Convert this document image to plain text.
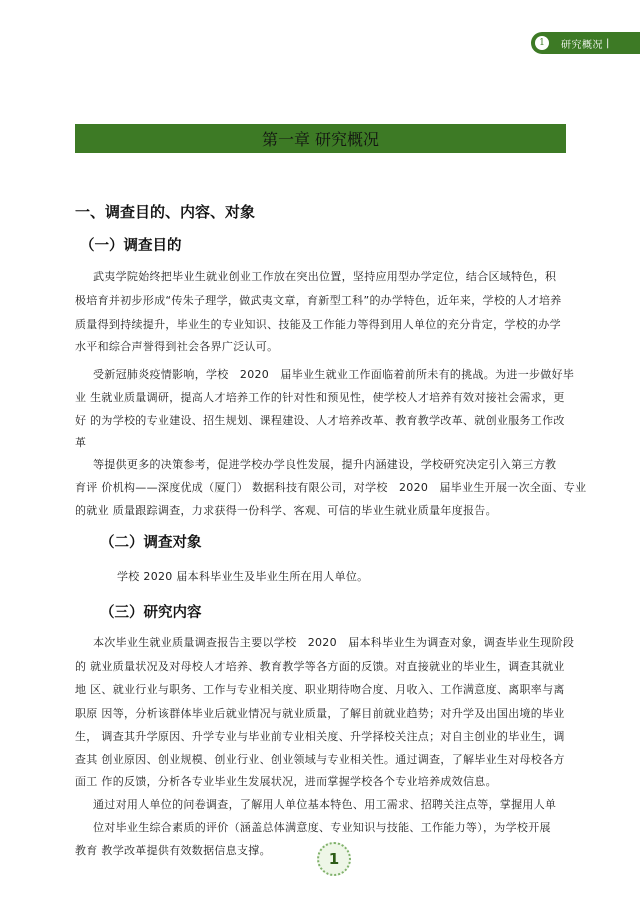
1	研究概况 |
第一章 研究概况
一、调查目的、内容、对象
（一）调查目的
武夷学院始终把毕业生就业创业工作放在突出位置，坚持应用型办学定位，结合区域特色，积
极培育并初步形成“传朱子理学，做武夷文章，育新型工科”的办学特色，近年来，学校的人才培养
质量得到持续提升，毕业生的专业知识、技能及工作能力等得到用人单位的充分肯定，学校的办学
水平和综合声誉得到社会各界广泛认可。
受新冠肺炎疫情影响，学校　2020　届毕业生就业工作面临着前所未有的挑战。为进一步做好毕
业 生就业质量调研，提高人才培养工作的针对性和预见性，使学校人才培养有效对接社会需求，更
好 的为学校的专业建设、招生规划、课程建设、人才培养改革、教育教学改革、就创业服务工作改
革
等提供更多的决策参考，促进学校办学良性发展，提升内涵建设，学校研究决定引入第三方教
育评 价机构——深度优成（厦门） 数据科技有限公司，对学校　2020　届毕业生开展一次全面、专业
的就业 质量跟踪调查，力求获得一份科学、客观、可信的毕业生就业质量年度报告。
（二）调查对象
学校 2020 届本科毕业生及毕业生所在用人单位。
（三）研究内容
本次毕业生就业质量调查报告主要以学校　2020　届本科毕业生为调查对象，调查毕业生现阶段
的 就业质量状况及对母校人才培养、教育教学等各方面的反馈。对直接就业的毕业生，调查其就业
地 区、就业行业与职务、工作与专业相关度、职业期待吻合度、月收入、工作满意度、离职率与离
职原 因等，分析该群体毕业后就业情况与就业质量，了解目前就业趋势；对升学及出国出境的毕业
生， 调查其升学原因、升学专业与毕业前专业相关度、升学择校关注点；对自主创业的毕业生，调
查其 创业原因、创业规模、创业行业、创业领域与专业相关性。通过调查，了解毕业生对母校各方
面工 作的反馈，分析各专业毕业生发展状况，进而掌握学校各个专业培养成效信息。
通过对用人单位的问卷调查，了解用人单位基本特色、用工需求、招聘关注点等，掌握用人单
位对毕业生综合素质的评价（涵盖总体满意度、专业知识与技能、工作能力等），为学校开展
教育 教学改革提供有效数据信息支撑。	1
